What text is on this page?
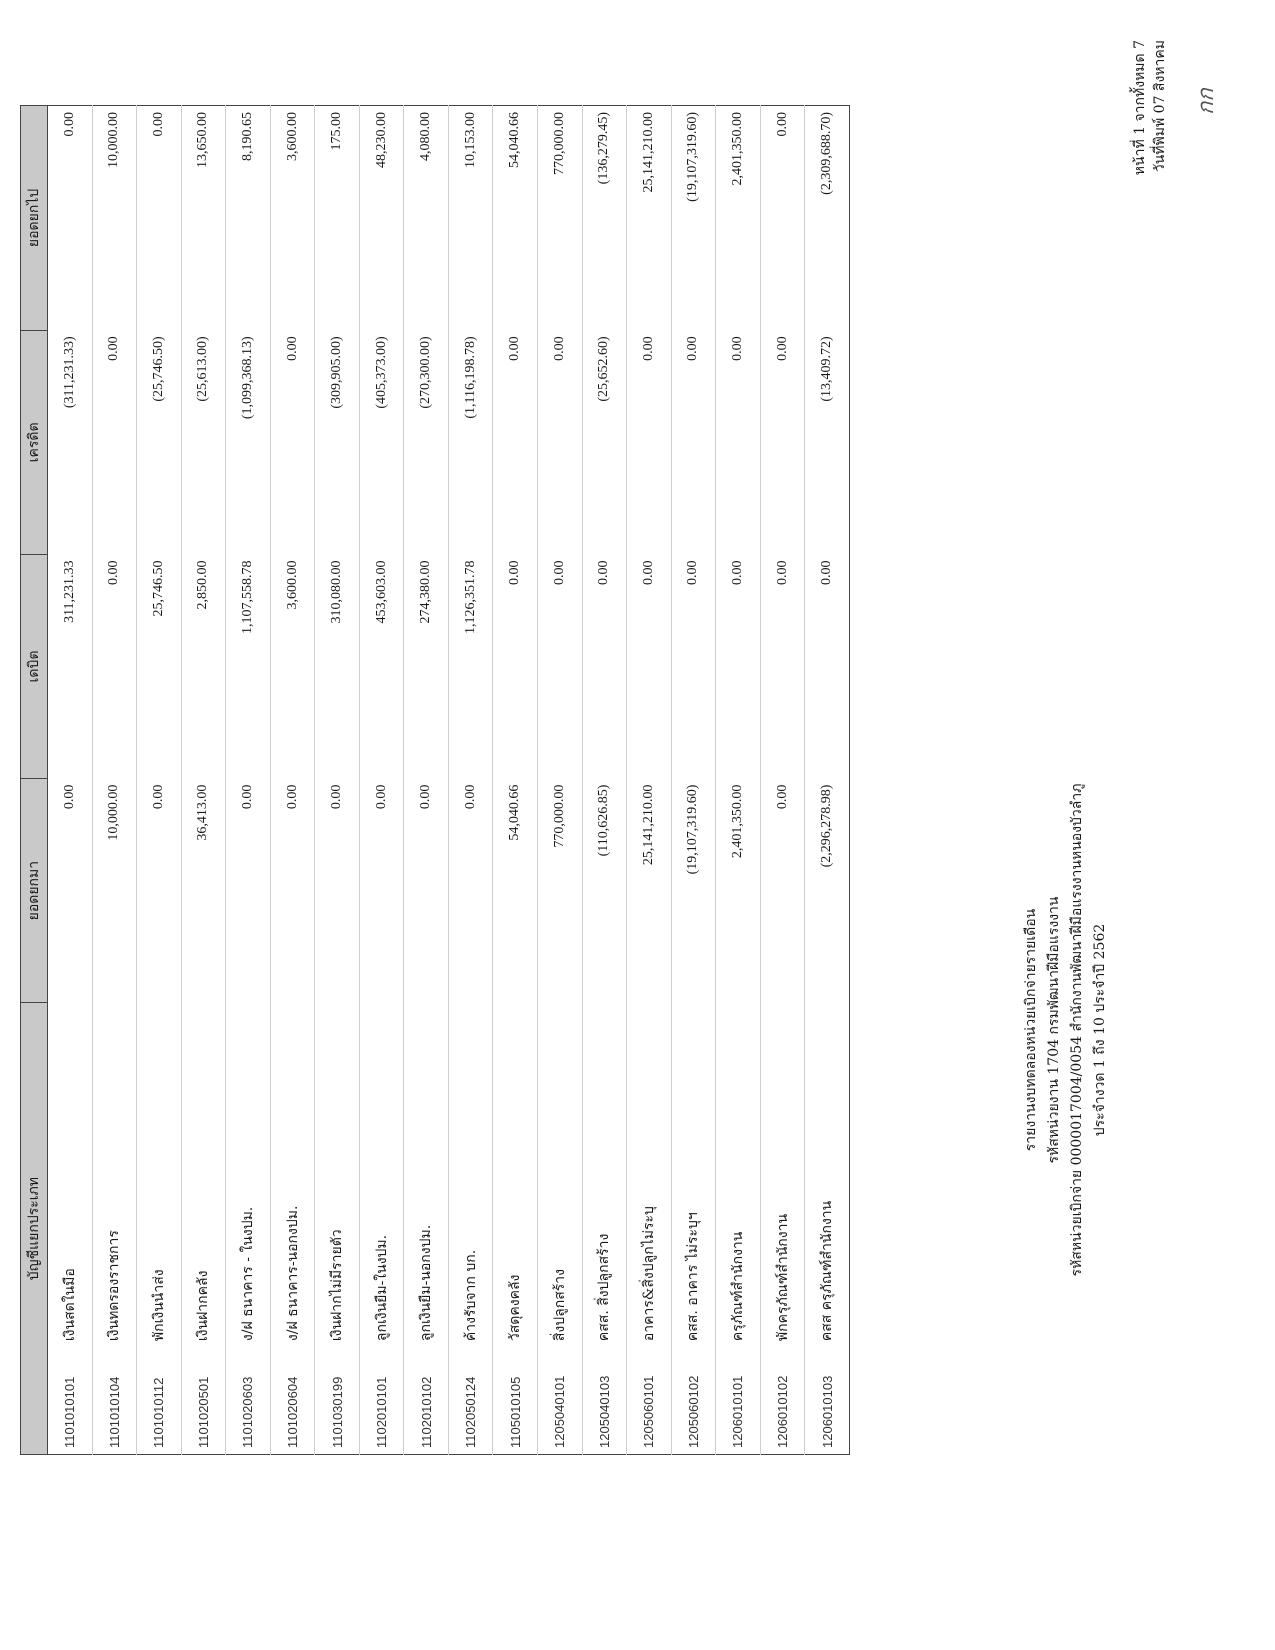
กก
หน้าที่ 1 จากทั้งหมด 7 วันที่พิมพ์ 07 สิงหาคม
รายงานงบทดลองหน่วยเบิกจ่ายรายเดือน รหัสหน่วยงาน 1704 กรมพัฒนาฝีมือแรงงาน รหัสหน่วยเบิกจ่าย 0000017004/0054 สำนักงานพัฒนาฝีมือแรงงานหนองบัวลำภู ประจำงวด 1 ถึง 10 ประจำปี 2562
บัญชีแยกประเภท		ยอดยกมา	เดบิต	เครดิต	ยอดยกไป
1101010101	เงินสดในมือ	0.00	311,231.33	(311,231.33)	0.00
1101010104	เงินทดรองราชการ	10,000.00	0.00	0.00	10,000.00
1101010112	พักเงินนำส่ง	0.00	25,746.50	(25,746.50)	0.00
1101020501	เงินฝากคลัง	36,413.00	2,850.00	(25,613.00)	13,650.00
1101020603	ง/ฝ ธนาคาร - ในงปม.	0.00	1,107,558.78	(1,099,368.13)	8,190.65
1101020604	ง/ฝ ธนาคาร-นอกงปม.	0.00	3,600.00	0.00	3,600.00
1101030199	เงินฝากไม่มีรายตัว	0.00	310,080.00	(309,905.00)	175.00
1102010101	ลูกเงินยืม-ในงปม.	0.00	453,603.00	(405,373.00)	48,230.00
1102010102	ลูกเงินยืม-นอกงปม.	0.00	274,380.00	(270,300.00)	4,080.00
1102050124	ค้างรับจาก บก.	0.00	1,126,351.78	(1,116,198.78)	10,153.00
1105010105	วัสดุคงคลัง	54,040.66	0.00	0.00	54,040.66
1205040101	สิ่งปลูกสร้าง	770,000.00	0.00	0.00	770,000.00
1205040103	คสส. สิ่งปลูกสร้าง	(110,626.85)	0.00	(25,652.60)	(136,279.45)
1205060101	อาคาร&สิ่งปลูกไม่ระบุ	25,141,210.00	0.00	0.00	25,141,210.00
1205060102	คสส. อาคาร ไม่ระบุฯ	(19,107,319.60)	0.00	0.00	(19,107,319.60)
1206010101	ครุภัณฑ์สำนักงาน	2,401,350.00	0.00	0.00	2,401,350.00
1206010102	พักครุภัณฑ์สำนักงาน	0.00	0.00	0.00	0.00
1206010103	คสส ครุภัณฑ์สำนักงาน	(2,296,278.98)	0.00	(13,409.72)	(2,309,688.70)
